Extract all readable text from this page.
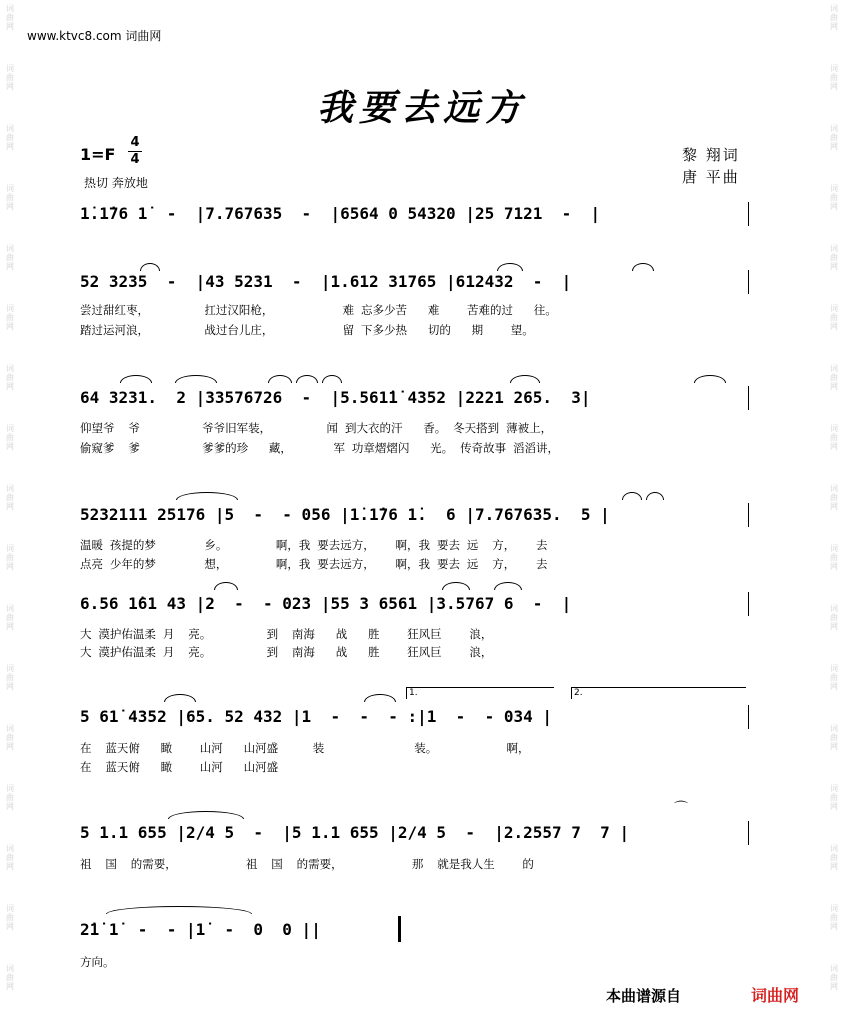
词
曲
网
词
曲
网
词
曲
网
词
曲
网
词
曲
网
词
曲
网
词
曲
网
词
曲
网
词
曲
网
词
曲
网
词
曲
网
词
曲
网
词
曲
网
词
曲
网
词
曲
网
词
曲
网
词
曲
网
词
曲
网
词
曲
网
词
曲
网
词
曲
网
词
曲
网
词
曲
网
词
曲
网
词
曲
网
词
曲
网
词
曲
网
词
曲
网
词
曲
网
词
曲
网
词
曲
网
词
曲
网
词
曲
网
词
曲
网
www.ktvc8.com 词曲网
我要去远方
1=F
4
4
热切 奔放地
黎 翔词
唐 平曲
1̇.1̇76 1̇  -  |7.767635  -  |6564 0 54320 |25 7121  -  |
52 3235  -  |43 5231  -  |1.612 31765 |612432  -  |
尝过甜红枣，        扛过汉阳枪，          难 忘多少苦   难    苦难的过   往。
踏过运河浪，        战过台儿庄，          留 下多少热   切的   期    望。
64 3231.  2 |33576726  -  |5.561̇1̇ 4352 |2221 265.  3|
仰望爷  爷         爷爷旧军装，        闻 到大衣的汗   香。 冬天搭到 薄被上，
偷窥爹  爹         爹爹的珍   藏，      军 功章熠熠闪   光。 传奇故事 滔滔讲，
5232111 25176 |5  -  - 056 |1̇.1̇76 1̇.  6 |7.767635.  5 |
温暖 孩提的梦       乡。       啊，我 要去远方，   啊，我 要去 远  方，   去
点亮 少年的梦       想，       啊，我 要去远方，   啊，我 要去 远  方，   去
6.56 1̇61 43 |2  -  - 023 |55 3 6561 |3.5767 6  -  |
大 漠护佑温柔 月  亮。        到  南海   战   胜    狂风巨    浪，
大 漠护佑温柔 月  亮。        到  南海   战   胜    狂风巨    浪，
1.	2.
5 61̇ 4352 |65. 52 432 |1  -  -  - :|1  -  - 034 |
在  蓝天俯   瞰    山河   山河盛     装             装。          啊，
在  蓝天俯   瞰    山河   山河盛
⌒
5 1.1 655 |2/4 5  -  |5 1.1 655 |2/4 5  -  |2.2557 7  7 |
祖  国  的需要，          祖  国  的需要，          那  就是我人生    的
2̇1̇ 1̇  -  - |1̇  -  0  0 ||
方向。
本曲谱源自	词曲网
